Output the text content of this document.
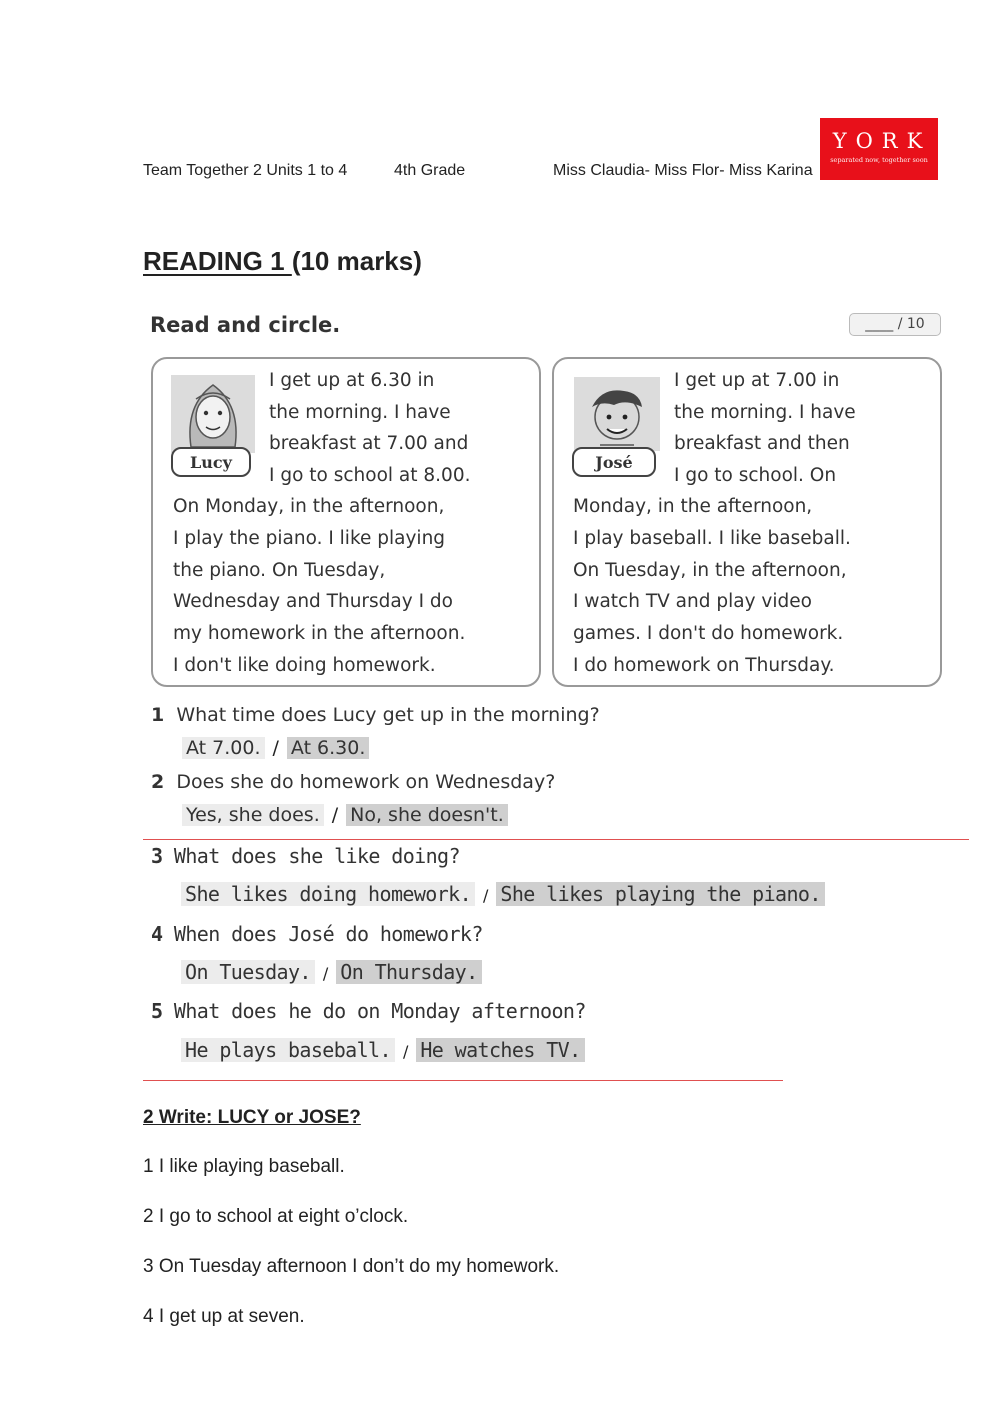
Team Together 2 Units 1 to 4	4th Grade	Miss Claudia- Miss Flor- Miss Karina
YORK
separated now, together soon
READING 1 (10 marks)
Read and circle.	____ / 10
Lucy
I get up at 6.30 in
the morning. I have
breakfast at 7.00 and
I go to school at 8.00.
On Monday, in the afternoon,
I play the piano. I like playing
the piano. On Tuesday,
Wednesday and Thursday I do
my homework in the afternoon.
I don't like doing homework.
José
I get up at 7.00 in
the morning. I have
breakfast and then
I go to school. On
Monday, in the afternoon,
I play baseball. I like baseball.
On Tuesday, in the afternoon,
I watch TV and play video
games. I don't do homework.
I do homework on Thursday.
1 What time does Lucy get up in the morning?
At 7.00. / At 6.30.
2 Does she do homework on Wednesday?
Yes, she does. / No, she doesn't.
3 What does she like doing?
She likes doing homework. / She likes playing the piano.
4 When does José do homework?
On Tuesday. / On Thursday.
5 What does he do on Monday afternoon?
He plays baseball. / He watches TV.
2 Write: LUCY or JOSE?
1 I like playing baseball.
2 I go to school at eight o’clock.
3 On Tuesday afternoon I don’t do my homework.
4 I get up at seven.
